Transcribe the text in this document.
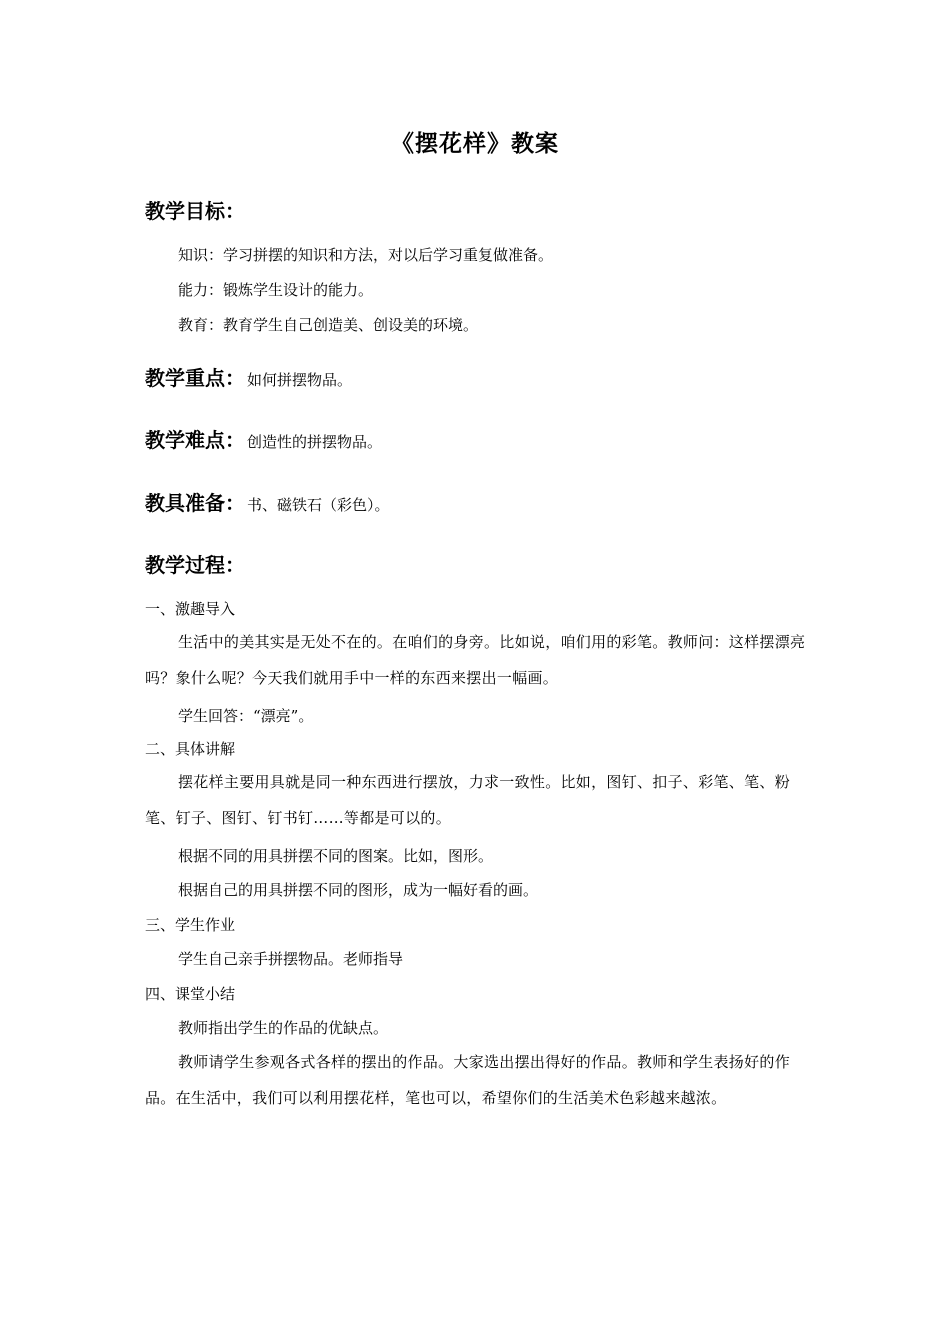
《摆花样》教案
教学目标：
知识：学习拼摆的知识和方法，对以后学习重复做准备。
能力：锻炼学生设计的能力。
教育：教育学生自己创造美、创设美的环境。
教学重点： 如何拼摆物品。
教学难点： 创造性的拼摆物品。
教具准备： 书、磁铁石（彩色）。
教学过程：
一、激趣导入
生活中的美其实是无处不在的。在咱们的身旁。比如说，咱们用的彩笔。教师问：这样摆漂亮吗？象什么呢？今天我们就用手中一样的东西来摆出一幅画。
学生回答：“漂亮”。
二、具体讲解
摆花样主要用具就是同一种东西进行摆放，力求一致性。比如，图钉、扣子、彩笔、笔、粉笔、钉子、图钉、钉书钉……等都是可以的。
根据不同的用具拼摆不同的图案。比如，图形。
根据自己的用具拼摆不同的图形，成为一幅好看的画。
三、学生作业
学生自己亲手拼摆物品。老师指导
四、课堂小结
教师指出学生的作品的优缺点。
教师请学生参观各式各样的摆出的作品。大家选出摆出得好的作品。教师和学生表扬好的作品。在生活中，我们可以利用摆花样，笔也可以，希望你们的生活美术色彩越来越浓。
